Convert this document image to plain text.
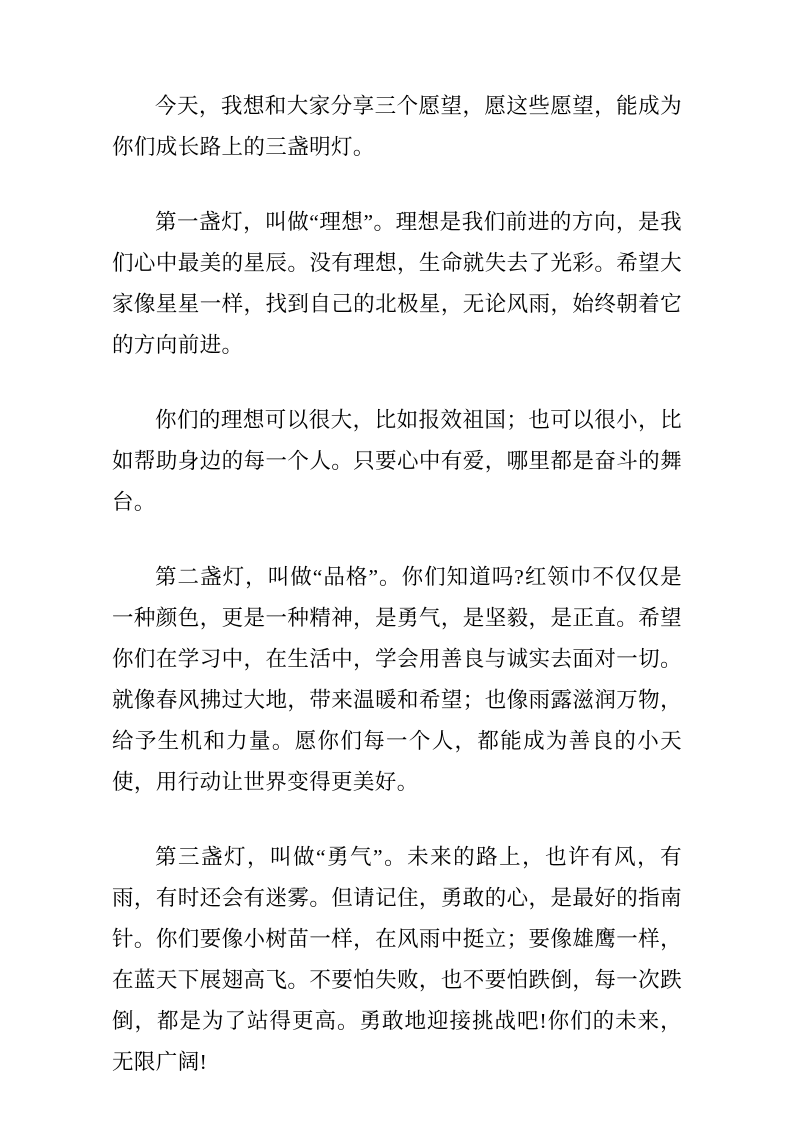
今天，我想和大家分享三个愿望，愿这些愿望，能成为你们成长路上的三盏明灯。

第一盏灯，叫做“理想”。理想是我们前进的方向，是我们心中最美的星辰。没有理想，生命就失去了光彩。希望大家像星星一样，找到自己的北极星，无论风雨，始终朝着它的方向前进。

你们的理想可以很大，比如报效祖国；也可以很小，比如帮助身边的每一个人。只要心中有爱，哪里都是奋斗的舞台。

第二盏灯，叫做“品格”。你们知道吗?红领巾不仅仅是一种颜色，更是一种精神，是勇气，是坚毅，是正直。希望你们在学习中，在生活中，学会用善良与诚实去面对一切。就像春风拂过大地，带来温暖和希望；也像雨露滋润万物，给予生机和力量。愿你们每一个人，都能成为善良的小天使，用行动让世界变得更美好。

第三盏灯，叫做“勇气”。未来的路上，也许有风，有雨，有时还会有迷雾。但请记住，勇敢的心，是最好的指南针。你们要像小树苗一样，在风雨中挺立；要像雄鹰一样，在蓝天下展翅高飞。不要怕失败，也不要怕跌倒，每一次跌倒，都是为了站得更高。勇敢地迎接挑战吧!你们的未来，无限广阔!
